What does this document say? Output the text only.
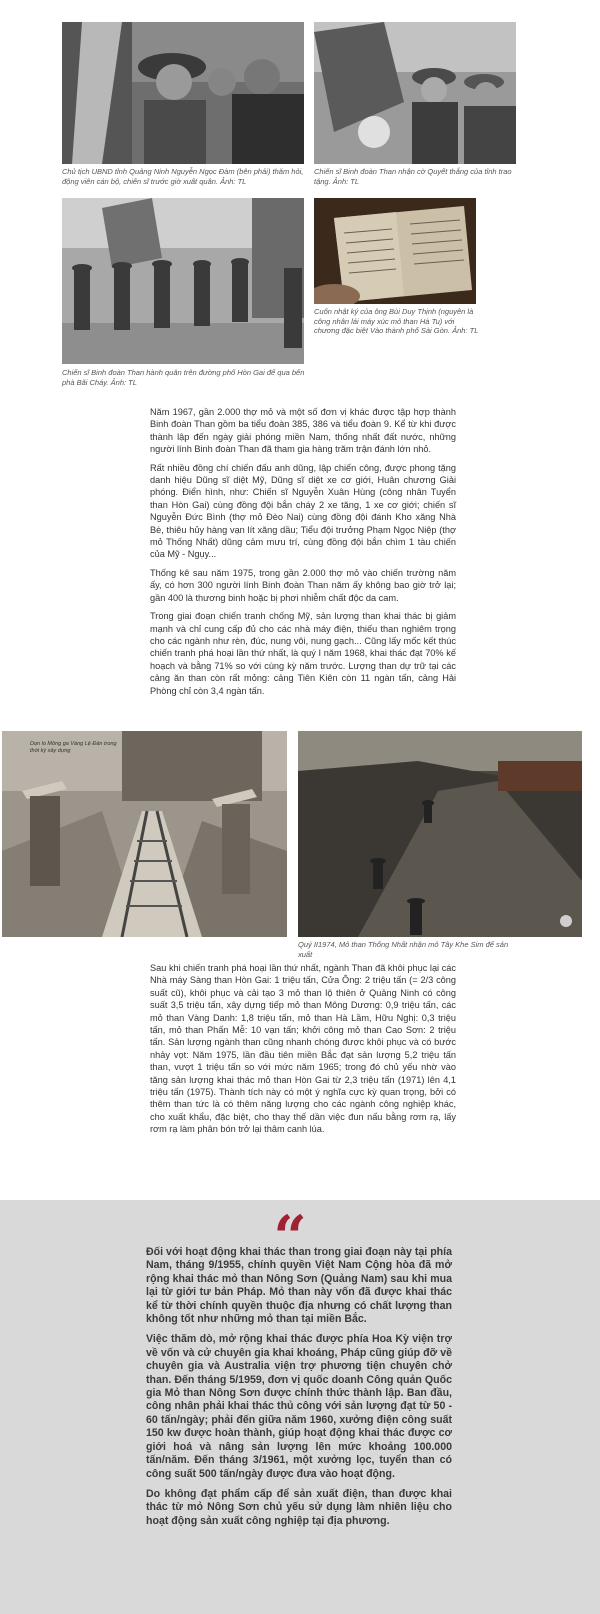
Chủ tịch UBND tỉnh Quảng Ninh Nguyễn Ngọc Đàm (bên phải) thăm hỏi, động viên cán bộ, chiến sĩ trước giờ xuất quân. Ảnh: TL

Chiến sĩ Binh đoàn Than nhận cờ Quyết thắng của tỉnh trao tặng. Ảnh: TL

Chiến sĩ Binh đoàn Than hành quân trên đường phố Hòn Gai để qua bến phà Bãi Cháy. Ảnh: TL

Cuốn nhật ký của ông Bùi Duy Thịnh (nguyên là công nhân lái máy xúc mỏ than Hà Tu) với chương đặc biệt Vào thành phố Sài Gòn. Ảnh: TL

Năm 1967, gần 2.000 thợ mỏ và một số đơn vị khác được tập hợp thành Binh đoàn Than gồm ba tiểu đoàn 385, 386 và tiểu đoàn 9. Kể từ khi được thành lập đến ngày giải phóng miền Nam, thống nhất đất nước, những người lính Binh đoàn Than đã tham gia hàng trăm trận đánh lớn nhỏ.

Rất nhiều đồng chí chiến đấu anh dũng, lập chiến công, được phong tặng danh hiệu Dũng sĩ diệt Mỹ, Dũng sĩ diệt xe cơ giới, Huân chương Giải phóng. Điển hình, như: Chiến sĩ Nguyễn Xuân Hùng (công nhân Tuyển than Hòn Gai) cùng đồng đội bắn cháy 2 xe tăng, 1 xe cơ giới; chiến sĩ Nguyễn Đức Bình (thợ mỏ Đèo Nai) cùng đồng đội đánh Kho xăng Nhà Bè, thiêu hủy hàng vạn lít xăng dầu; Tiểu đội trưởng Phạm Ngọc Niệp (thợ mỏ Thống Nhất) dũng cảm mưu trí, cùng đồng đội bắn chìm 1 tàu chiến của Mỹ - Ngụy...

Thống kê sau năm 1975, trong gần 2.000 thợ mỏ vào chiến trường năm ấy, có hơn 300 người lính Binh đoàn Than năm ấy không bao giờ trở lại; gần 400 là thương binh hoặc bị phơi nhiễm chất độc da cam.

Trong giai đoạn chiến tranh chống Mỹ, sản lượng than khai thác bị giảm mạnh và chỉ cung cấp đủ cho các nhà máy điện, thiếu than nghiêm trọng cho các ngành như rèn, đúc, nung vôi, nung gạch... Cũng lấy mốc kết thúc chiến tranh phá hoại lần thứ nhất, là quý I năm 1968, khai thác đạt 70% kế hoạch và bằng 71% so với cùng kỳ năm trước. Lượng than dự trữ tại các cảng ăn than còn rất mỏng: cảng Tiên Kiên còn 11 ngàn tấn, cảng Hải Phòng chỉ còn 3,4 ngàn tấn.

Dọn lo Mông ga Vàng Lệ Đán trong thời kỳ xây dựng

Quý II1974, Mỏ than Thống Nhất nhận mỏ Tây Khe Sim để sản xuất

Sau khi chiến tranh phá hoại lần thứ nhất, ngành Than đã khôi phục lại các Nhà máy Sàng than Hòn Gai: 1 triệu tấn, Cửa Ông: 2 triệu tấn (= 2/3 công suất cũ), khôi phục và cải tạo 3 mỏ than lộ thiên ở Quảng Ninh có công suất 3,5 triệu tấn, xây dựng tiếp mỏ than Mông Dương: 0,9 triệu tấn, các mỏ than Vàng Danh: 1,8 triệu tấn, mỏ than Hà Lầm, Hữu Nghị: 0,3 triệu tấn, mỏ than Phấn Mễ: 10 vạn tấn; khởi công mỏ than Cao Sơn: 2 triệu tấn. Sản lượng ngành than cũng nhanh chóng được khôi phục và có bước nhảy vọt: Năm 1975, lần đầu tiên miền Bắc đạt sản lượng 5,2 triệu tấn than, vượt 1 triệu tấn so với mức năm 1965; trong đó chủ yếu nhờ vào tăng sản lượng khai thác mỏ than Hòn Gai từ 2,3 triệu tấn (1971) lên 4,1 triệu tấn (1975). Thành tích này có một ý nghĩa cực kỳ quan trọng, bởi có thêm than tức là có thêm năng lượng cho các ngành công nghiệp khác, cho xuất khẩu, đặc biệt, cho thay thế dần việc đun nấu bằng rơm rạ, lấy rơm rạ làm phân bón trở lại thâm canh lúa.

“

Đối với hoạt động khai thác than trong giai đoạn này tại phía Nam, tháng 9/1955, chính quyền Việt Nam Cộng hòa đã mở rộng khai thác mỏ than Nông Sơn (Quảng Nam) sau khi mua lại từ giới tư bản Pháp. Mỏ than này vốn đã được khai thác kể từ thời chính quyền thuộc địa nhưng có chất lượng than không tốt như những mỏ than tại miền Bắc.

Việc thăm dò, mở rộng khai thác được phía Hoa Kỳ viện trợ về vốn và cử chuyên gia khai khoáng, Pháp cũng giúp đỡ về chuyên gia và Australia viện trợ phương tiện chuyên chở than. Đến tháng 5/1959, đơn vị quốc doanh Công quản Quốc gia Mỏ than Nông Sơn được chính thức thành lập. Ban đầu, công nhân phải khai thác thủ công với sản lượng đạt từ 50 - 60 tấn/ngày; phải đến giữa năm 1960, xưởng điện công suất 150 kw được hoàn thành, giúp hoạt động khai thác được cơ giới hoá và nâng sản lượng lên mức khoảng 100.000 tấn/năm. Đến tháng 3/1961, một xưởng lọc, tuyển than có công suất 500 tấn/ngày được đưa vào hoạt động.

Do không đạt phẩm cấp để sản xuất điện, than được khai thác từ mỏ Nông Sơn chủ yếu sử dụng làm nhiên liệu cho hoạt động sản xuất công nghiệp tại địa phương.
